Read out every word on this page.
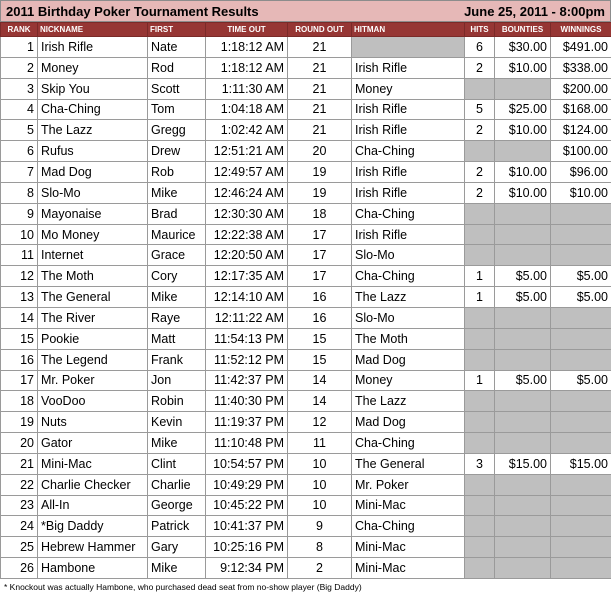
2011 Birthday Poker Tournament Results	June 25, 2011 - 8:00pm
RANK	NICKNAME	FIRST	TIME OUT	ROUND OUT	HITMAN	HITS	BOUNTIES	WINNINGS
1	Irish Rifle	Nate	1:18:12 AM	21		6	$30.00	$491.00
2	Money	Rod	1:18:12 AM	21	Irish Rifle	2	$10.00	$338.00
3	Skip You	Scott	1:11:30 AM	21	Money			$200.00
4	Cha-Ching	Tom	1:04:18 AM	21	Irish Rifle	5	$25.00	$168.00
5	The Lazz	Gregg	1:02:42 AM	21	Irish Rifle	2	$10.00	$124.00
6	Rufus	Drew	12:51:21 AM	20	Cha-Ching			$100.00
7	Mad Dog	Rob	12:49:57 AM	19	Irish Rifle	2	$10.00	$96.00
8	Slo-Mo	Mike	12:46:24 AM	19	Irish Rifle	2	$10.00	$10.00
9	Mayonaise	Brad	12:30:30 AM	18	Cha-Ching			
10	Mo Money	Maurice	12:22:38 AM	17	Irish Rifle			
11	Internet	Grace	12:20:50 AM	17	Slo-Mo			
12	The Moth	Cory	12:17:35 AM	17	Cha-Ching	1	$5.00	$5.00
13	The General	Mike	12:14:10 AM	16	The Lazz	1	$5.00	$5.00
14	The River	Raye	12:11:22 AM	16	Slo-Mo			
15	Pookie	Matt	11:54:13 PM	15	The Moth			
16	The Legend	Frank	11:52:12 PM	15	Mad Dog			
17	Mr. Poker	Jon	11:42:37 PM	14	Money	1	$5.00	$5.00
18	VooDoo	Robin	11:40:30 PM	14	The Lazz			
19	Nuts	Kevin	11:19:37 PM	12	Mad Dog			
20	Gator	Mike	11:10:48 PM	11	Cha-Ching			
21	Mini-Mac	Clint	10:54:57 PM	10	The General	3	$15.00	$15.00
22	Charlie Checker	Charlie	10:49:29 PM	10	Mr. Poker			
23	All-In	George	10:45:22 PM	10	Mini-Mac			
24	*Big Daddy	Patrick	10:41:37 PM	9	Cha-Ching			
25	Hebrew Hammer	Gary	10:25:16 PM	8	Mini-Mac			
26	Hambone	Mike	9:12:34 PM	2	Mini-Mac			
* Knockout was actually Hambone, who purchased dead seat from no-show player (Big Daddy)
